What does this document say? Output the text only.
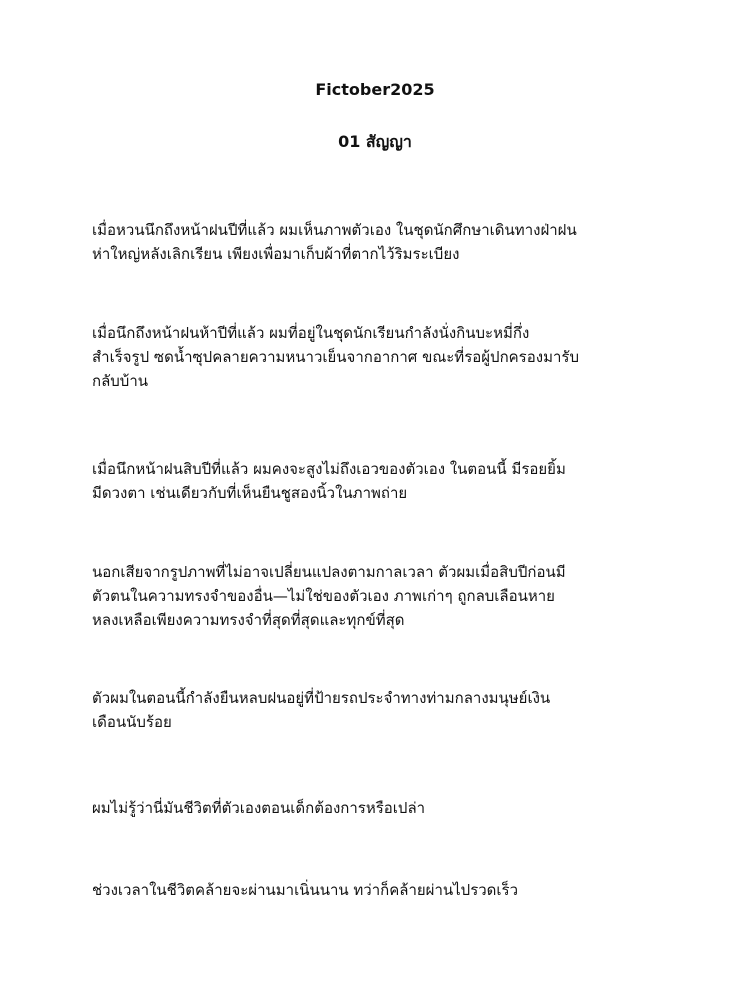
Fictober2025
01 สัญญา
เมื่อหวนนึกถึงหน้าฝนปีที่แล้ว ผมเห็นภาพตัวเอง ในชุดนักศึกษาเดินทางฝ่าฝน
ห่าใหญ่หลังเลิกเรียน เพียงเพื่อมาเก็บผ้าที่ตากไว้ริมระเบียง
เมื่อนึกถึงหน้าฝนห้าปีที่แล้ว ผมที่อยู่ในชุดนักเรียนกำลังนั่งกินบะหมี่กึ่ง
สำเร็จรูป ซดน้ำซุปคลายความหนาวเย็นจากอากาศ ขณะที่รอผู้ปกครองมารับ
กลับบ้าน
เมื่อนึกหน้าฝนสิบปีที่แล้ว ผมคงจะสูงไม่ถึงเอวของตัวเอง ในตอนนี้ มีรอยยิ้ม
มีดวงตา เช่นเดียวกับที่เห็นยืนชูสองนิ้วในภาพถ่าย
นอกเสียจากรูปภาพที่ไม่อาจเปลี่ยนแปลงตามกาลเวลา ตัวผมเมื่อสิบปีก่อนมี
ตัวตนในความทรงจำของอื่น—ไม่ใช่ของตัวเอง ภาพเก่าๆ ถูกลบเลือนหาย
หลงเหลือเพียงความทรงจำที่สุดที่สุดและทุกข์ที่สุด
ตัวผมในตอนนี้กำลังยืนหลบฝนอยู่ที่ป้ายรถประจำทางท่ามกลางมนุษย์เงิน
เดือนนับร้อย
ผมไม่รู้ว่านี่มันชีวิตที่ตัวเองตอนเด็กต้องการหรือเปล่า
ช่วงเวลาในชีวิตคล้ายจะผ่านมาเนิ่นนาน ทว่าก็คล้ายผ่านไปรวดเร็ว
